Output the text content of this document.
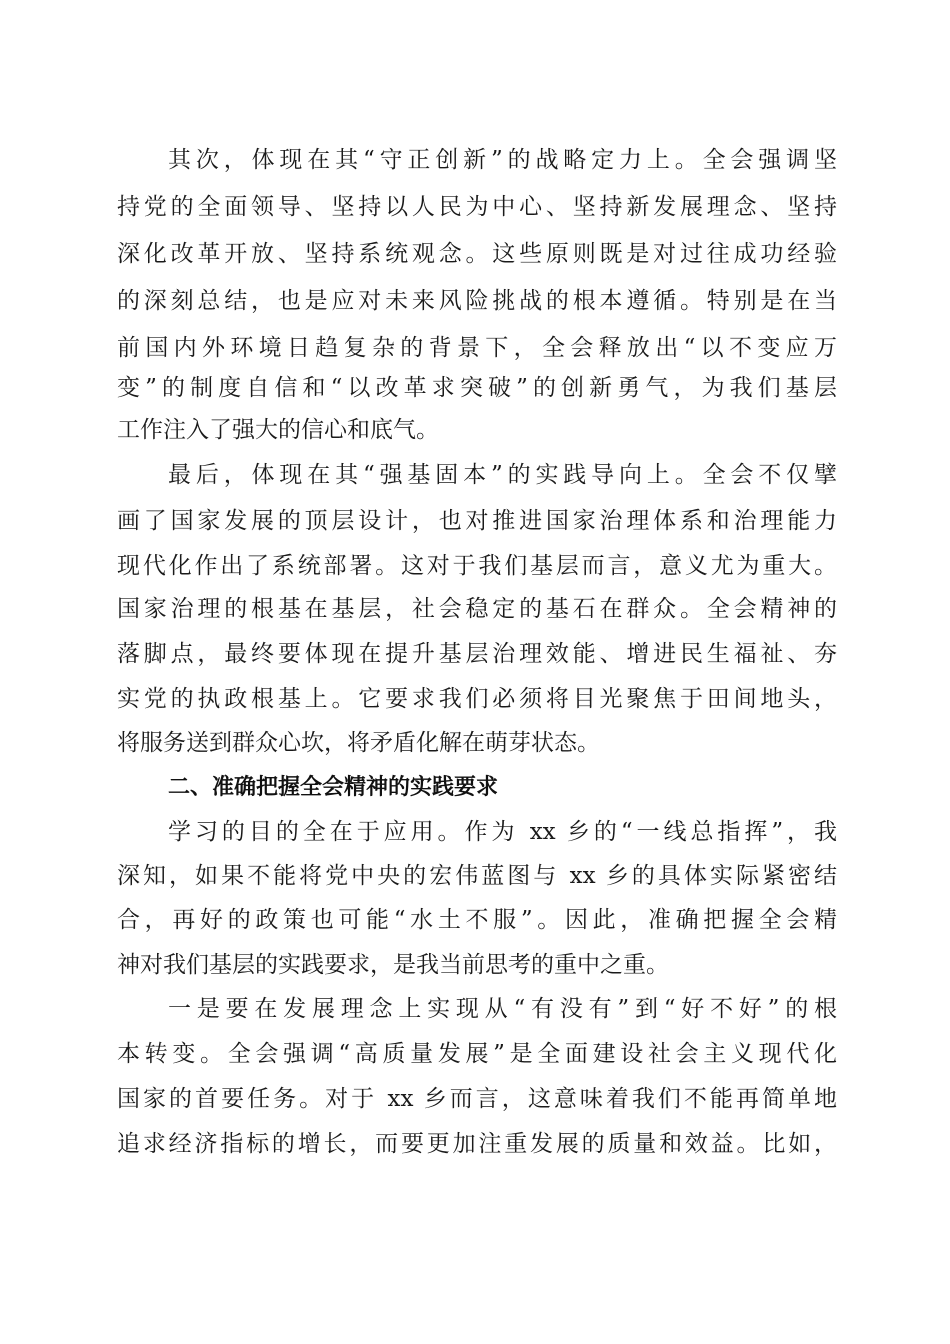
其次，体现在其“守正创新”的战略定力上。全会强调坚
持党的全面领导、坚持以人民为中心、坚持新发展理念、坚持
深化改革开放、坚持系统观念。这些原则既是对过往成功经验
的深刻总结，也是应对未来风险挑战的根本遵循。特别是在当
前国内外环境日趋复杂的背景下，全会释放出“以不变应万
变”的制度自信和“以改革求突破”的创新勇气，为我们基层
工作注入了强大的信心和底气。
最后，体现在其“强基固本”的实践导向上。全会不仅擘
画了国家发展的顶层设计，也对推进国家治理体系和治理能力
现代化作出了系统部署。这对于我们基层而言，意义尤为重大。
国家治理的根基在基层，社会稳定的基石在群众。全会精神的
落脚点，最终要体现在提升基层治理效能、增进民生福祉、夯
实党的执政根基上。它要求我们必须将目光聚焦于田间地头，
将服务送到群众心坎，将矛盾化解在萌芽状态。
二、准确把握全会精神的实践要求
学习的目的全在于应用。作为 xx 乡的“一线总指挥”，我
深知，如果不能将党中央的宏伟蓝图与 xx 乡的具体实际紧密结
合，再好的政策也可能“水土不服”。因此，准确把握全会精
神对我们基层的实践要求，是我当前思考的重中之重。
一是要在发展理念上实现从“有没有”到“好不好”的根
本转变。全会强调“高质量发展”是全面建设社会主义现代化
国家的首要任务。对于 xx 乡而言，这意味着我们不能再简单地
追求经济指标的增长，而要更加注重发展的质量和效益。比如，
